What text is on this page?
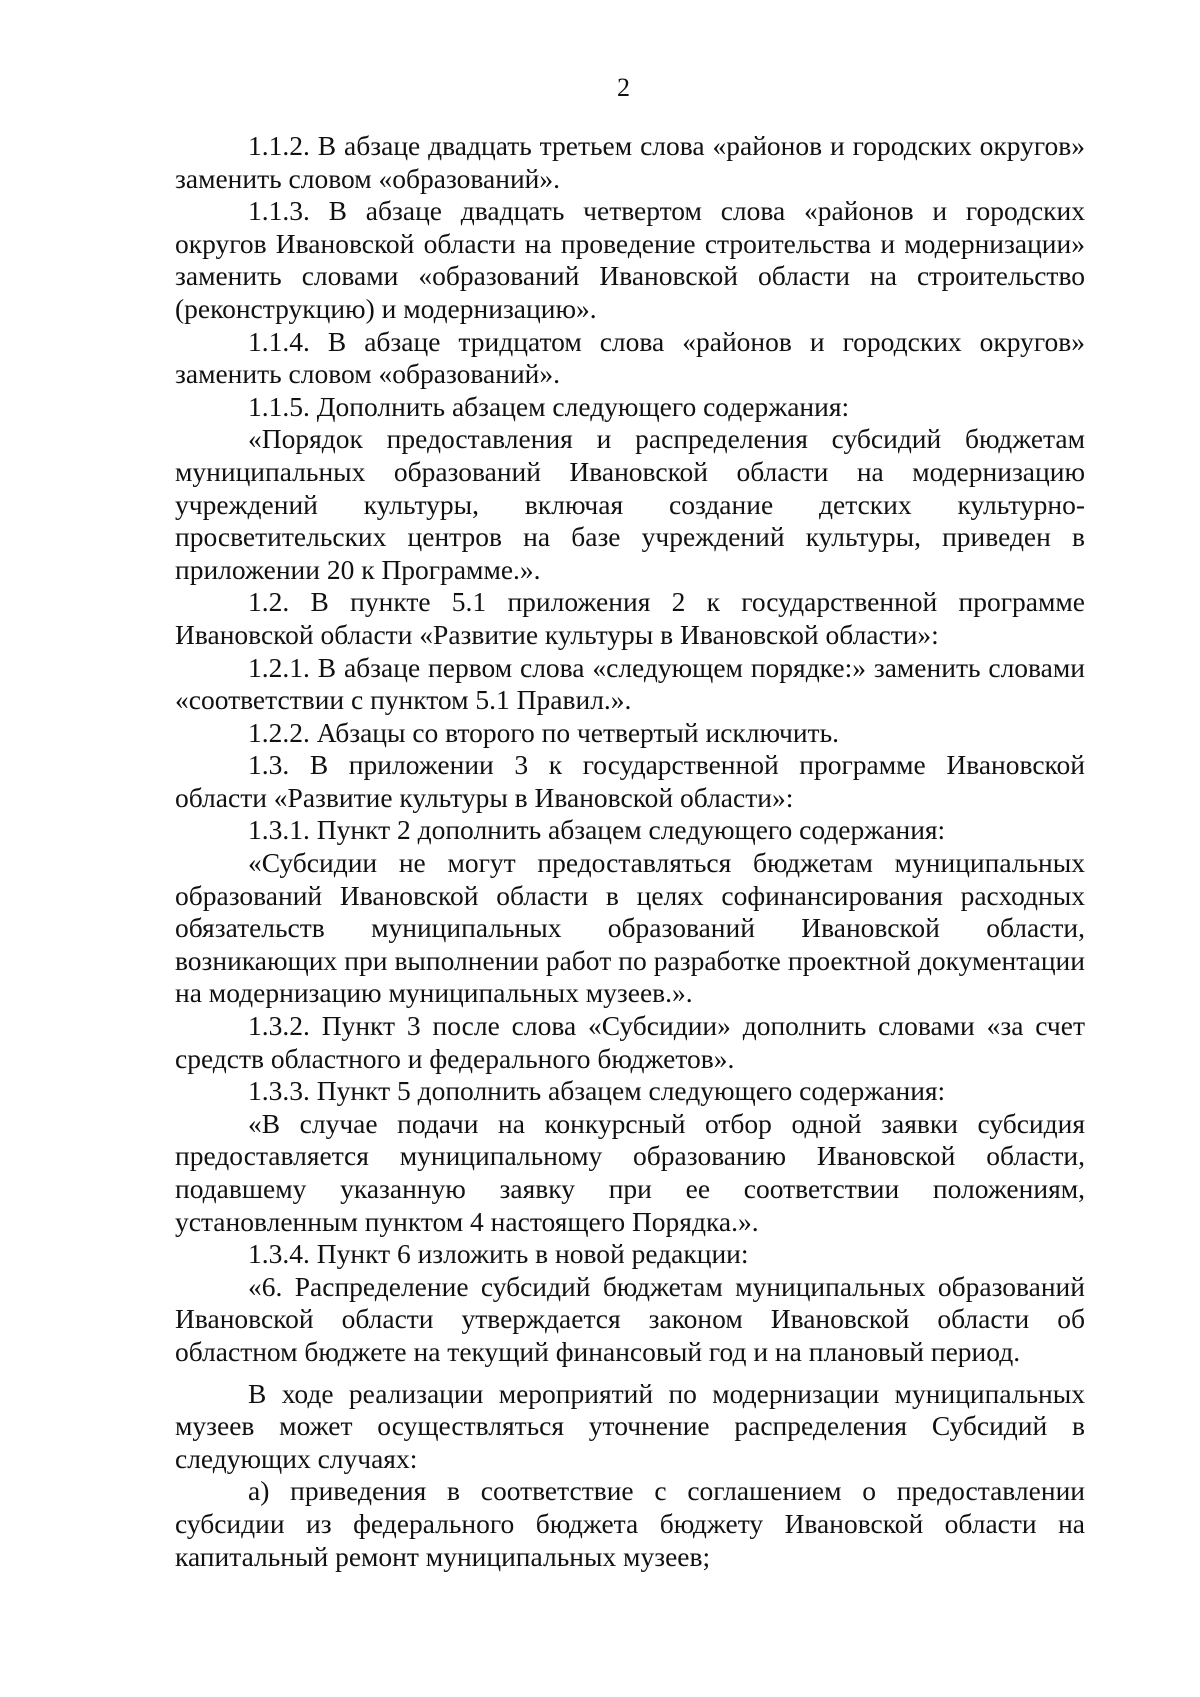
2

1.1.2. В абзаце двадцать третьем слова «районов и городских округов» заменить словом «образований».

1.1.3. В абзаце двадцать четвертом слова «районов и городских округов Ивановской области на проведение строительства и модернизации» заменить словами «образований Ивановской области на строительство (реконструкцию) и модернизацию».

1.1.4. В абзаце тридцатом слова «районов и городских округов» заменить словом «образований».

1.1.5. Дополнить абзацем следующего содержания:

«Порядок предоставления и распределения субсидий бюджетам муниципальных образований Ивановской области на модернизацию учреждений культуры, включая создание детских культурно-просветительских центров на базе учреждений культуры, приведен в приложении 20 к Программе.».

1.2. В пункте 5.1 приложения 2 к государственной программе Ивановской области «Развитие культуры в Ивановской области»:

1.2.1. В абзаце первом слова «следующем порядке:» заменить словами «соответствии с пунктом 5.1 Правил.».

1.2.2. Абзацы со второго по четвертый исключить.

1.3. В приложении 3 к государственной программе Ивановской области «Развитие культуры в Ивановской области»:

1.3.1. Пункт 2 дополнить абзацем следующего содержания:

«Субсидии не могут предоставляться бюджетам муниципальных образований Ивановской области в целях софинансирования расходных обязательств муниципальных образований Ивановской области, возникающих при выполнении работ по разработке проектной документации на модернизацию муниципальных музеев.».

1.3.2. Пункт 3 после слова «Субсидии» дополнить словами «за счет средств областного и федерального бюджетов».

1.3.3. Пункт 5 дополнить абзацем следующего содержания:

«В случае подачи на конкурсный отбор одной заявки субсидия предоставляется муниципальному образованию Ивановской области, подавшему указанную заявку при ее соответствии положениям, установленным пунктом 4 настоящего Порядка.».

1.3.4. Пункт 6 изложить в новой редакции:

«6. Распределение субсидий бюджетам муниципальных образований Ивановской области утверждается законом Ивановской области об областном бюджете на текущий финансовый год и на плановый период.

В ходе реализации мероприятий по модернизации муниципальных музеев может осуществляться уточнение распределения Субсидий в следующих случаях:

а) приведения в соответствие с соглашением о предоставлении субсидии из федерального бюджета бюджету Ивановской области на капитальный ремонт муниципальных музеев;
